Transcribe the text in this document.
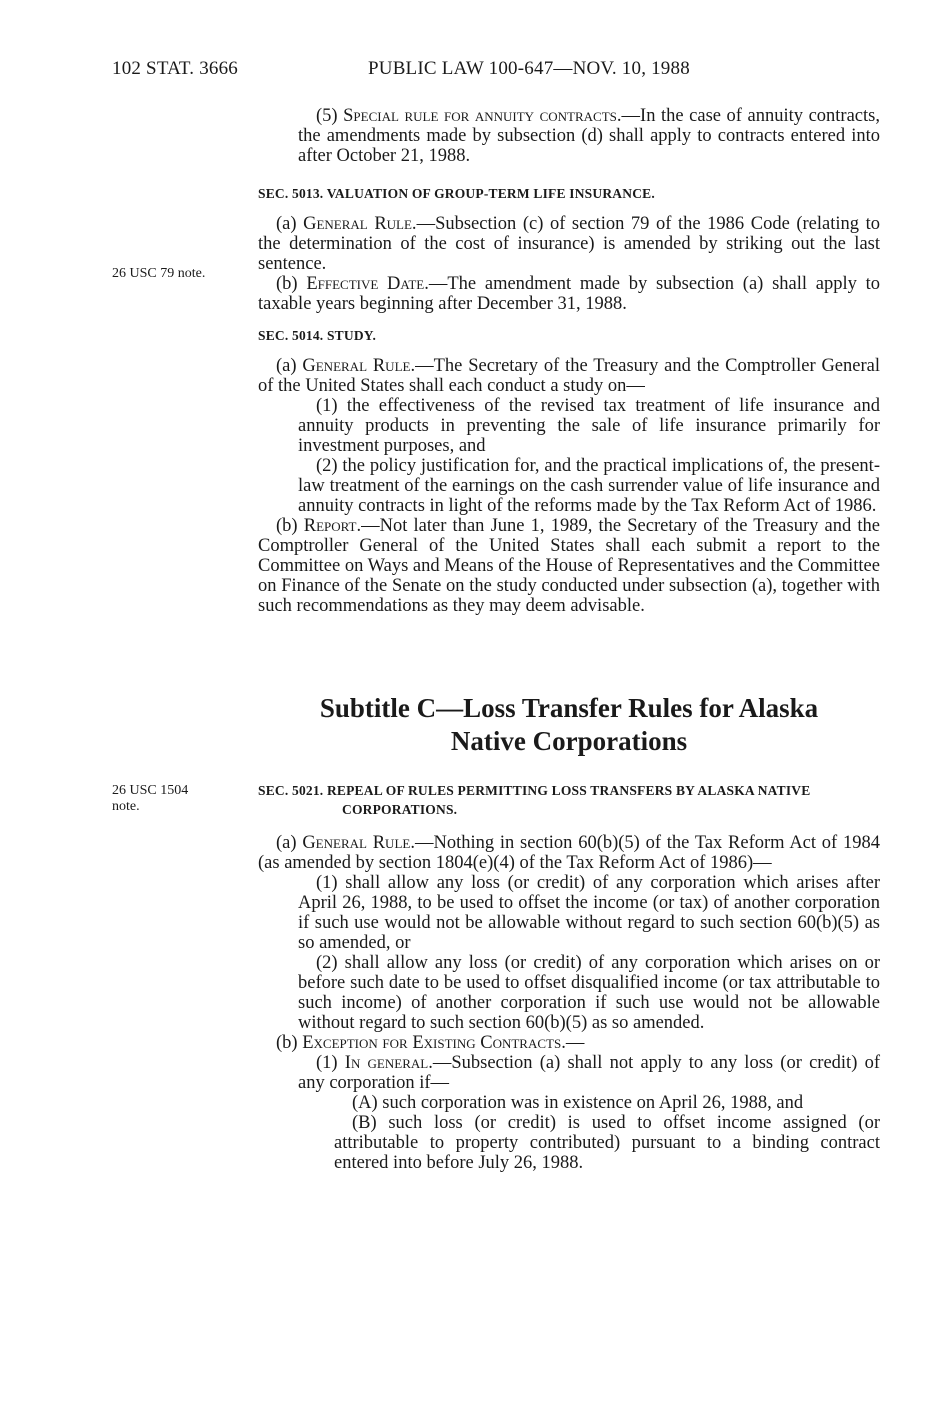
102 STAT. 3666	PUBLIC LAW 100-647—NOV. 10, 1988
26 USC 79 note.
26 USC 1504
note.

(5) Special rule for annuity contracts.—In the case of annuity contracts, the amendments made by subsection (d) shall apply to contracts entered into after October 21, 1988.

SEC. 5013. VALUATION OF GROUP-TERM LIFE INSURANCE.

(a) General Rule.—Subsection (c) of section 79 of the 1986 Code (relating to the determination of the cost of insurance) is amended by striking out the last sentence.

(b) Effective Date.—The amendment made by subsection (a) shall apply to taxable years beginning after December 31, 1988.

SEC. 5014. STUDY.

(a) General Rule.—The Secretary of the Treasury and the Comptroller General of the United States shall each conduct a study on—

(1) the effectiveness of the revised tax treatment of life insurance and annuity products in preventing the sale of life insurance primarily for investment purposes, and

(2) the policy justification for, and the practical implications of, the present-law treatment of the earnings on the cash surrender value of life insurance and annuity contracts in light of the reforms made by the Tax Reform Act of 1986.

(b) Report.—Not later than June 1, 1989, the Secretary of the Treasury and the Comptroller General of the United States shall each submit a report to the Committee on Ways and Means of the House of Representatives and the Committee on Finance of the Senate on the study conducted under subsection (a), together with such recommendations as they may deem advisable.

Subtitle C—Loss Transfer Rules for Alaska
Native Corporations

SEC. 5021. REPEAL OF RULES PERMITTING LOSS TRANSFERS BY ALASKA NATIVE CORPORATIONS.

(a) General Rule.—Nothing in section 60(b)(5) of the Tax Reform Act of 1984 (as amended by section 1804(e)(4) of the Tax Reform Act of 1986)—

(1) shall allow any loss (or credit) of any corporation which arises after April 26, 1988, to be used to offset the income (or tax) of another corporation if such use would not be allowable without regard to such section 60(b)(5) as so amended, or

(2) shall allow any loss (or credit) of any corporation which arises on or before such date to be used to offset disqualified income (or tax attributable to such income) of another corporation if such use would not be allowable without regard to such section 60(b)(5) as so amended.

(b) Exception for Existing Contracts.—

(1) In general.—Subsection (a) shall not apply to any loss (or credit) of any corporation if—

(A) such corporation was in existence on April 26, 1988, and

(B) such loss (or credit) is used to offset income assigned (or attributable to property contributed) pursuant to a binding contract entered into before July 26, 1988.
